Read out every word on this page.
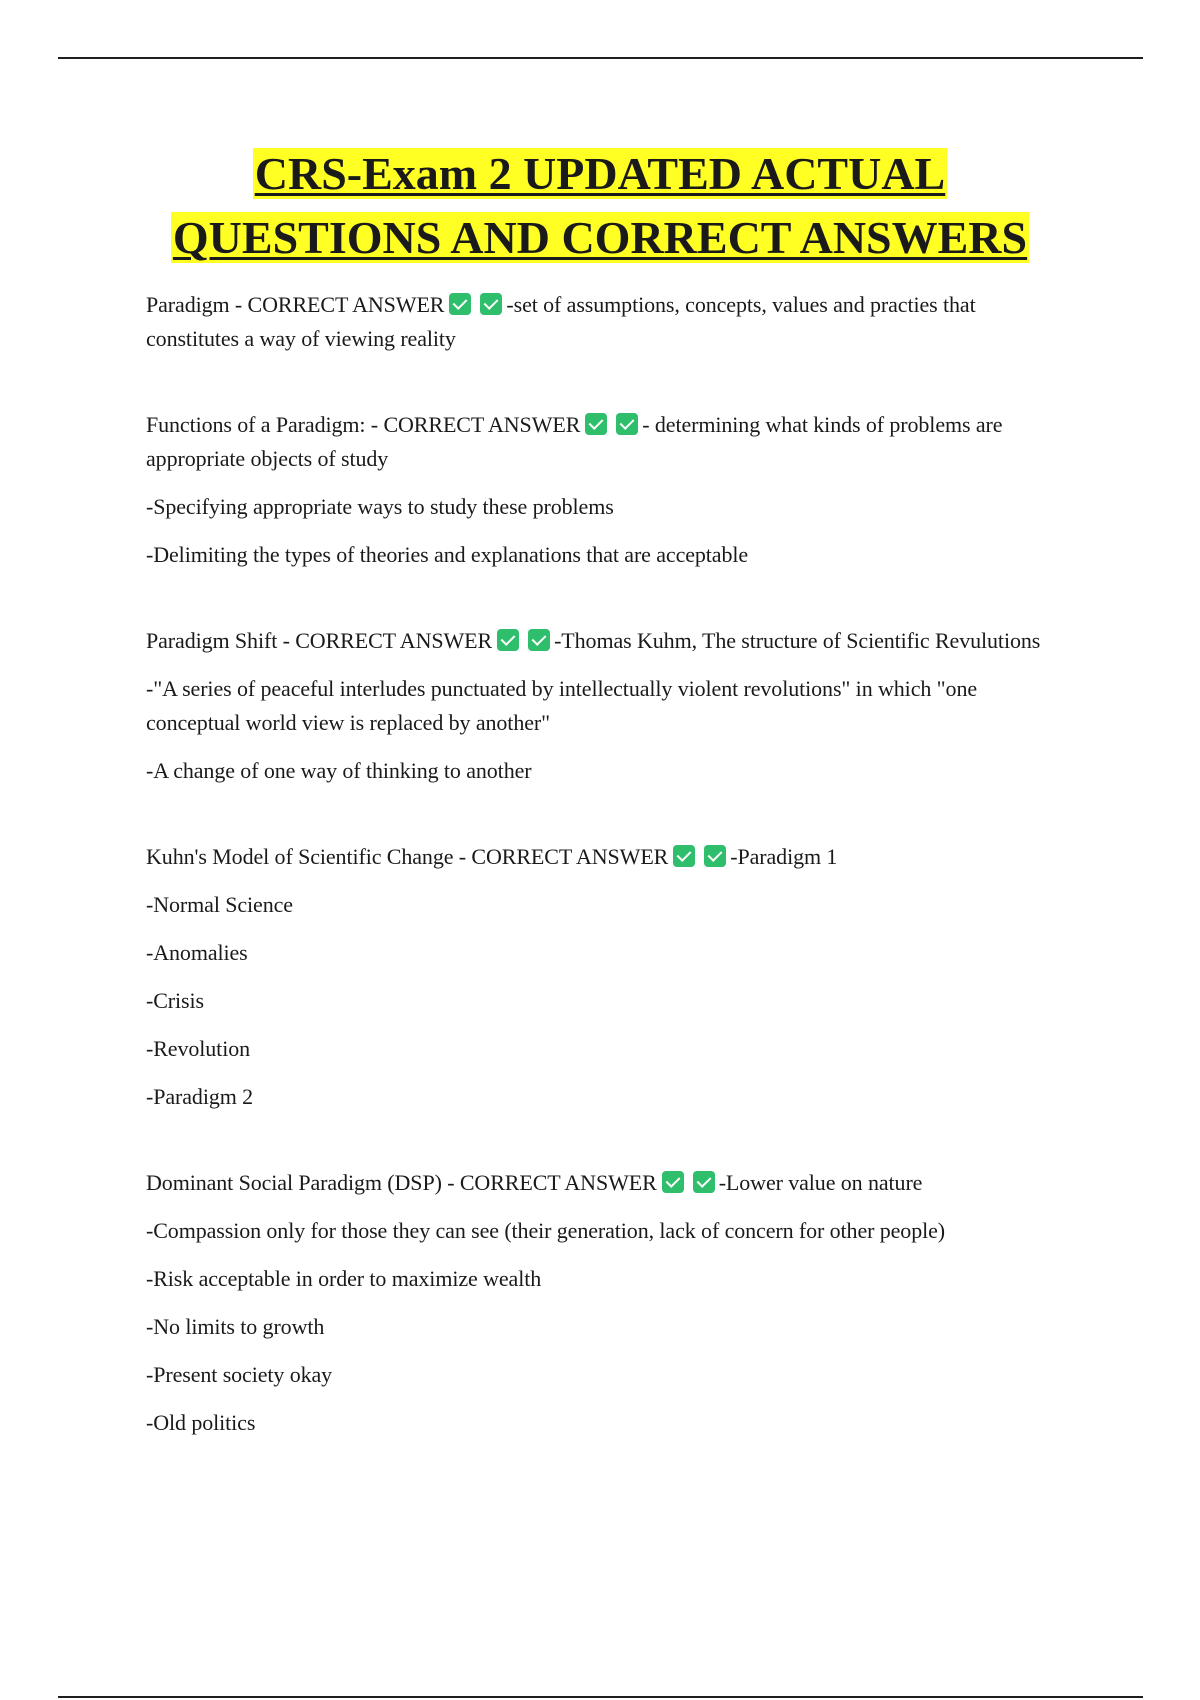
CRS-Exam 2 UPDATED ACTUAL
QUESTIONS AND CORRECT ANSWERS

Paradigm - CORRECT ANSWER	-set of assumptions, concepts, values and practies that constitutes a way of viewing reality

Functions of a Paradigm: - CORRECT ANSWER	- determining what kinds of problems are appropriate objects of study

-Specifying appropriate ways to study these problems

-Delimiting the types of theories and explanations that are acceptable

Paradigm Shift - CORRECT ANSWER	-Thomas Kuhm, The structure of Scientific Revulutions

-"A series of peaceful interludes punctuated by intellectually violent revolutions" in which "one conceptual world view is replaced by another"

-A change of one way of thinking to another

Kuhn's Model of Scientific Change - CORRECT ANSWER	-Paradigm 1

-Normal Science

-Anomalies

-Crisis

-Revolution

-Paradigm 2

Dominant Social Paradigm (DSP) - CORRECT ANSWER	-Lower value on nature

-Compassion only for those they can see (their generation, lack of concern for other people)

-Risk acceptable in order to maximize wealth

-No limits to growth

-Present society okay

-Old politics
